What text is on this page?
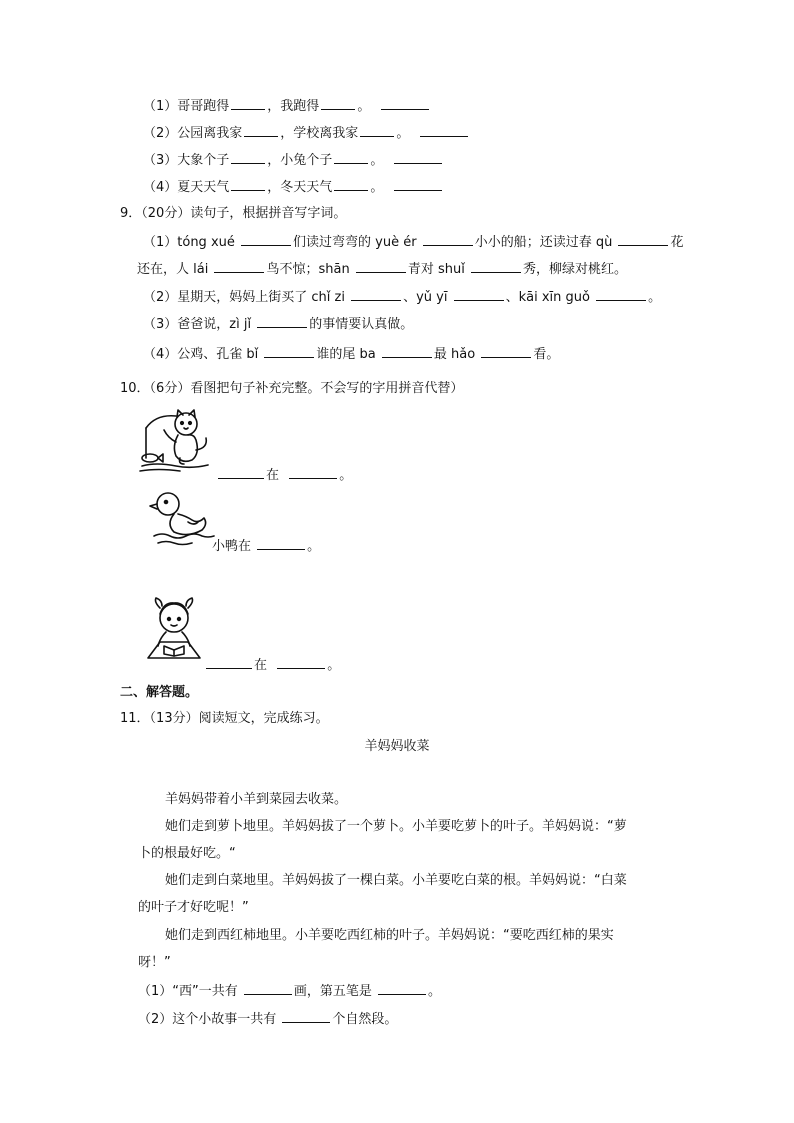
（1）哥哥跑得	，我跑得	。
（2）公园离我家	，学校离我家	。
（3）大象个子	，小兔个子	。
（4）夏天天气	，冬天天气	。
9．（20分）读句子，根据拼音写字词。
（1）tóng xué	们读过弯弯的 yuè ér	小小的船；还读过春 qù	花
还在，人 lái	鸟不惊；shān	青对 shuǐ	秀，柳绿对桃红。
（2）星期天，妈妈上街买了 chǐ zi	、yǔ yī	、kāi xīn guǒ	。
（3）爸爸说，zì jǐ	的事情要认真做。
（4）公鸡、孔雀 bǐ	谁的尾 ba	最 hǎo	看。
10．（6分）看图把句子补充完整。不会写的字用拼音代替）
在	。
小鸭在	。
在	。
二、解答题。
11．（13分）阅读短文，完成练习。
羊妈妈收菜
羊妈妈带着小羊到菜园去收菜。
她们走到萝卜地里。羊妈妈拔了一个萝卜。小羊要吃萝卜的叶子。羊妈妈说：“萝
卜的根最好吃。“
她们走到白菜地里。羊妈妈拔了一棵白菜。小羊要吃白菜的根。羊妈妈说：“白菜
的叶子才好吃呢！”
她们走到西红柿地里。小羊要吃西红柿的叶子。羊妈妈说：“要吃西红柿的果实
呀！”
（1）“西”一共有	画，第五笔是	。
（2）这个小故事一共有	个自然段。
